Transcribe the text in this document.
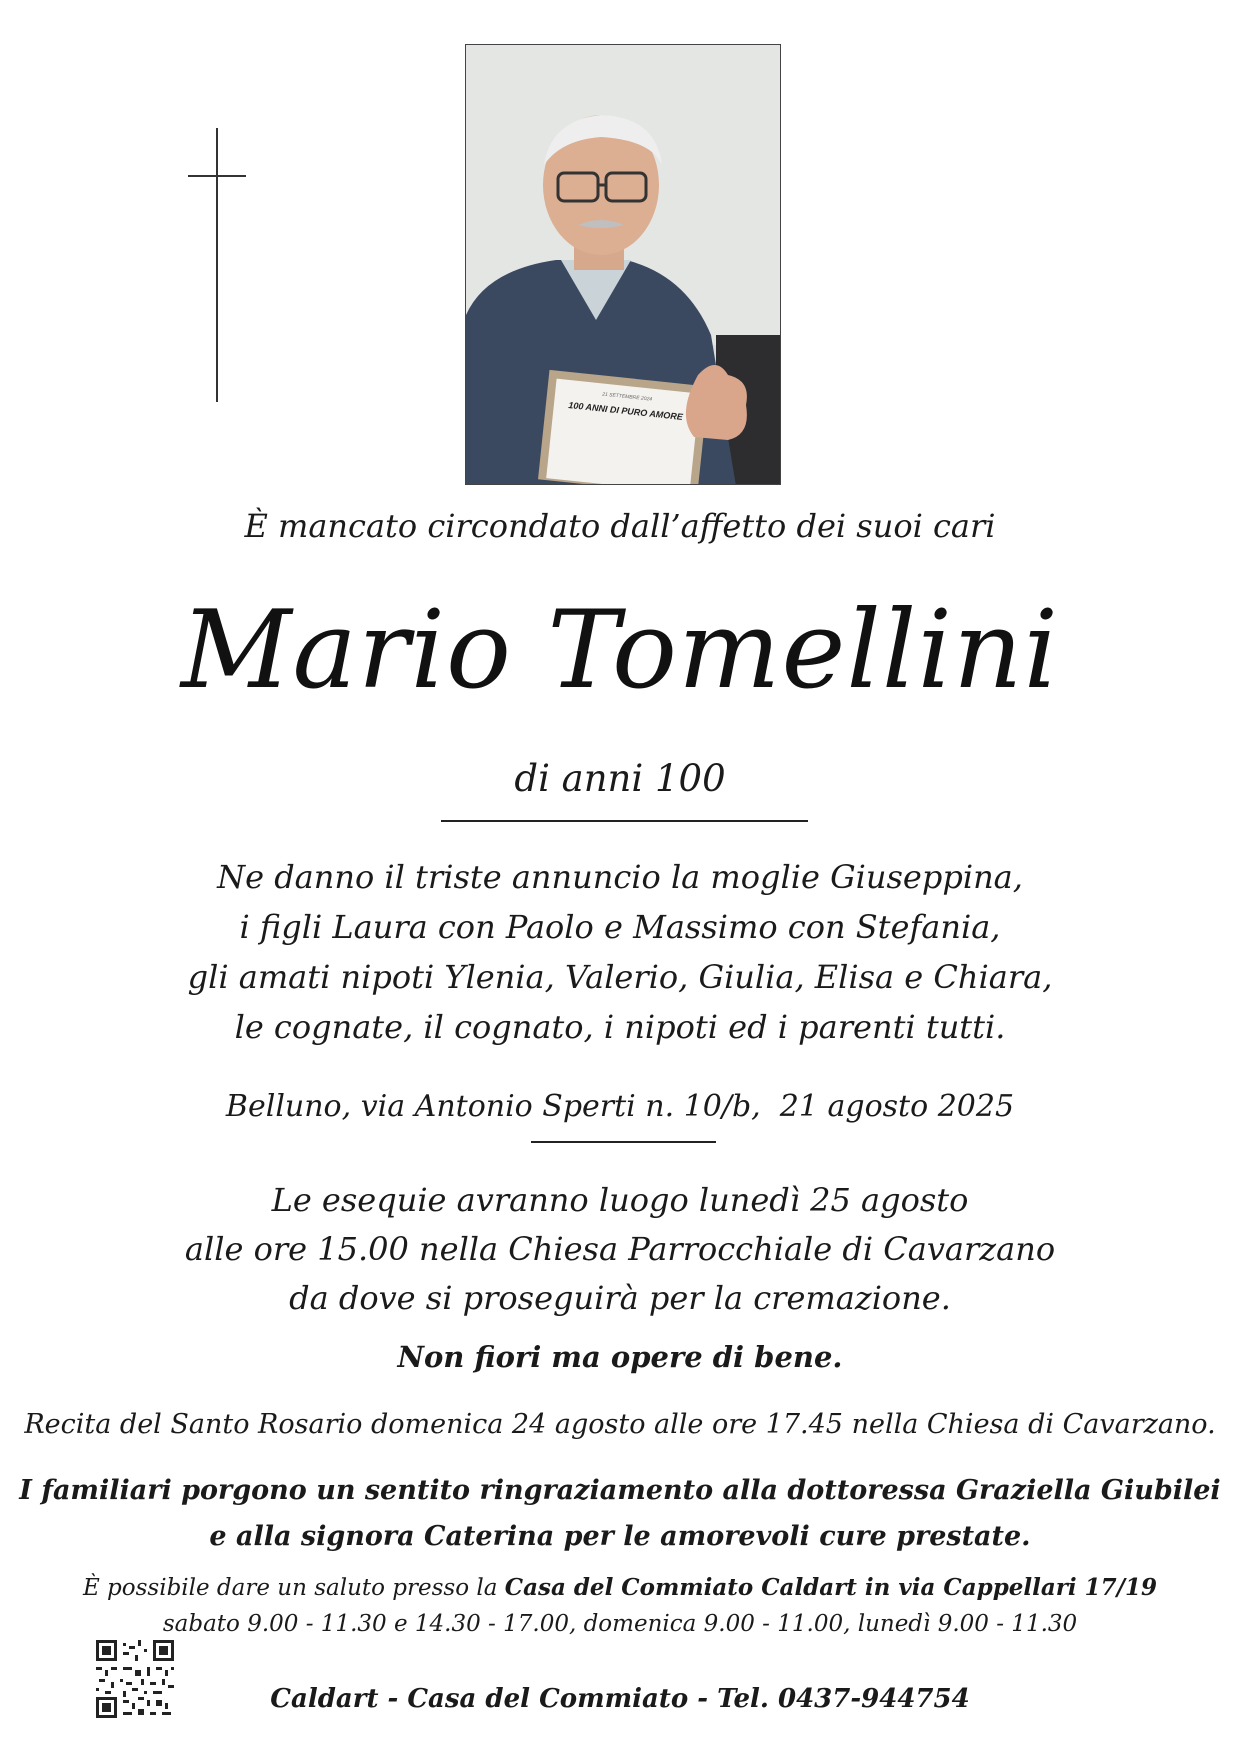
21 SETTEMBRE 2024
100 ANNI DI PURO AMORE
È mancato circondato dall’affetto dei suoi cari
Mario Tomellini
di anni 100
Ne danno il triste annuncio la moglie Giuseppina,
i figli Laura con Paolo e Massimo con Stefania,
gli amati nipoti Ylenia, Valerio, Giulia, Elisa e Chiara,
le cognate, il cognato, i nipoti ed i parenti tutti.
Belluno, via Antonio Sperti n. 10/b,  21 agosto 2025
Le esequie avranno luogo lunedì 25 agosto
alle ore 15.00 nella Chiesa Parrocchiale di Cavarzano
da dove si proseguirà per la cremazione.
Non fiori ma opere di bene.
Recita del Santo Rosario domenica 24 agosto alle ore 17.45 nella Chiesa di Cavarzano.
I familiari porgono un sentito ringraziamento alla dottoressa Graziella Giubilei
e alla signora Caterina per le amorevoli cure prestate.
È possibile dare un saluto presso la Casa del Commiato Caldart in via Cappellari 17/19
sabato 9.00 - 11.30 e 14.30 - 17.00, domenica 9.00 - 11.00, lunedì 9.00 - 11.30
Caldart - Casa del Commiato - Tel. 0437-944754
